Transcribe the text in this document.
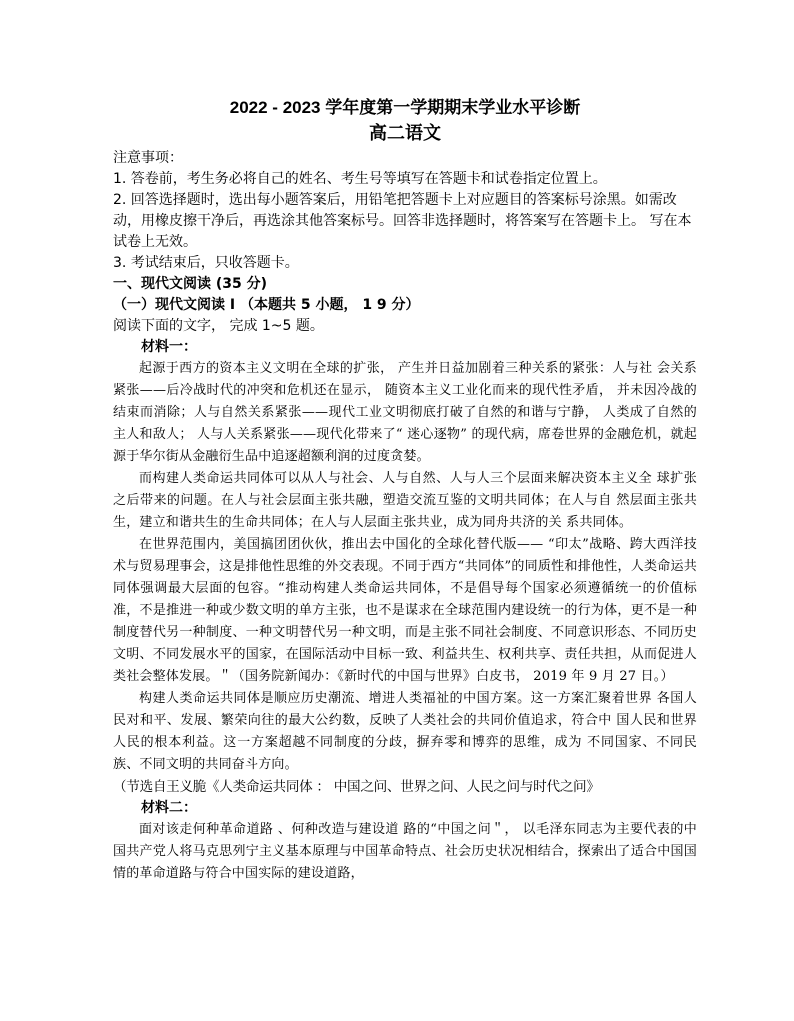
2022 - 2023 学年度第一学期期末学业水平诊断

高二语文

注意事项：

1. 答卷前，考生务必将自己的姓名、考生号等填写在答题卡和试卷指定位置上。

2. 回答选择题时，选出每小题答案后，用铅笔把答题卡上对应题目的答案标号涂黑。如需改动，用橡皮擦干净后，再选涂其他答案标号。回答非选择题时，将答案写在答题卡上。 写在本试卷上无效。

3. 考试结束后，只收答题卡。

一、现代文阅读 (35 分)

（一）现代文阅读 I （本题共 5 小题， 1 9 分）

阅读下面的文字， 完成 1~5 题。

材料一：

起源于西方的资本主义文明在全球的扩张， 产生并日益加剧着三种关系的紧张：人与社 会关系紧张——后冷战时代的冲突和危机还在显示， 随资本主义工业化而来的现代性矛盾， 并未因冷战的结束而消除；人与自然关系紧张——现代工业文明彻底打破了自然的和谐与宁静， 人类成了自然的主人和敌人； 人与人关系紧张——现代化带来了“ 迷心逐物” 的现代病，席卷世界的金融危机，就起源于华尔街从金融衍生品中追逐超额利润的过度贪婪。

而构建人类命运共同体可以从人与社会、人与自然、人与人三个层面来解决资本主义全 球扩张之后带来的问题。在人与社会层面主张共融，塑造交流互鉴的文明共同体；在人与自 然层面主张共生，建立和谐共生的生命共同体；在人与人层面主张共业，成为同舟共济的关 系共同体。

在世界范围内，美国搞团团伙伙，推出去中国化的全球化替代版—— “印太”战略、跨大西洋技术与贸易理事会，这是排他性思维的外交表现。不同于西方“共同体”的同质性和排他性，人类命运共同体强调最大层面的包容。“推动构建人类命运共同体，不是倡导每个国家必须遵循统一的价值标准，不是推进一种或少数文明的单方主张，也不是谋求在全球范围内建设统一的行为体，更不是一种制度替代另一种制度、一种文明替代另一种文明，而是主张不同社会制度、不同意识形态、不同历史文明、不同发展水平的国家，在国际活动中目标一致、利益共生、权利共享、责任共担，从而促进人类社会整体发展。＂（国务院新闻办：《新时代的中国与世界》白皮书， 2019 年 9 月 27 日。）

构建人类命运共同体是顺应历史潮流、增进人类福祉的中国方案。这一方案汇聚着世界 各国人民对和平、发展、繁荣向往的最大公约数，反映了人类社会的共同价值追求，符合中 国人民和世界人民的根本利益。这一方案超越不同制度的分歧，摒弃零和博弈的思维，成为 不同国家、不同民族、不同文明的共同奋斗方向。

（节选自王义脆《人类命运共同体 ： 中国之问、世界之问、人民之问与时代之问》

材料二：

面对该走何种革命道路 、何种改造与建设道 路的“中国之问＂， 以毛泽东同志为主要代表的中国共产党人将马克思列宁主义基本原理与中国革命特点、社会历史状况相结合，探索出了适合中国国情的革命道路与符合中国实际的建设道路，
